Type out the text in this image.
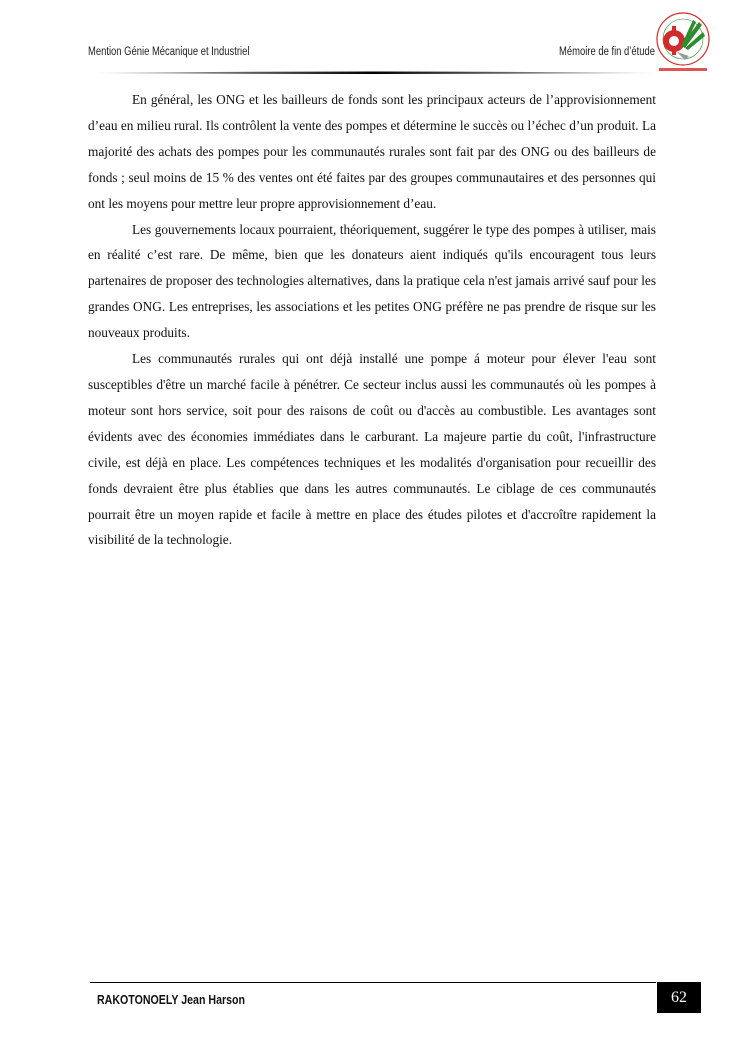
Mention Génie Mécanique et Industriel	Mémoire de fin d’étude

En général, les ONG et les bailleurs de fonds sont les principaux acteurs de l’approvisionnement d’eau en milieu rural. Ils contrôlent la vente des pompes et détermine le succès ou l’échec d’un produit. La majorité des achats des pompes pour les communautés rurales sont fait par des ONG ou des bailleurs de fonds ; seul moins de 15 % des ventes ont été faites par des groupes communautaires et des personnes qui ont les moyens pour mettre leur propre approvisionnement d’eau.

Les gouvernements locaux pourraient, théoriquement, suggérer le type des pompes à utiliser, mais en réalité c’est rare. De même, bien que les donateurs aient indiqués qu'ils encouragent tous leurs partenaires de proposer des technologies alternatives, dans la pratique cela n'est jamais arrivé sauf pour les grandes ONG. Les entreprises, les associations et les petites ONG préfère ne pas prendre de risque sur les nouveaux produits.

Les communautés rurales qui ont déjà installé une pompe á moteur pour élever l'eau sont susceptibles d'être un marché facile à pénétrer. Ce secteur inclus aussi les communautés où les pompes à moteur sont hors service, soit pour des raisons de coût ou d'accès au combustible. Les avantages sont évidents avec des économies immédiates dans le carburant. La majeure partie du coût, l'infrastructure civile, est déjà en place. Les compétences techniques et les modalités d'organisation pour recueillir des fonds devraient être plus établies que dans les autres communautés. Le ciblage de ces communautés pourrait être un moyen rapide et facile à mettre en place des études pilotes et d'accroître rapidement la visibilité de la technologie.

RAKOTONOELY Jean Harson	62
